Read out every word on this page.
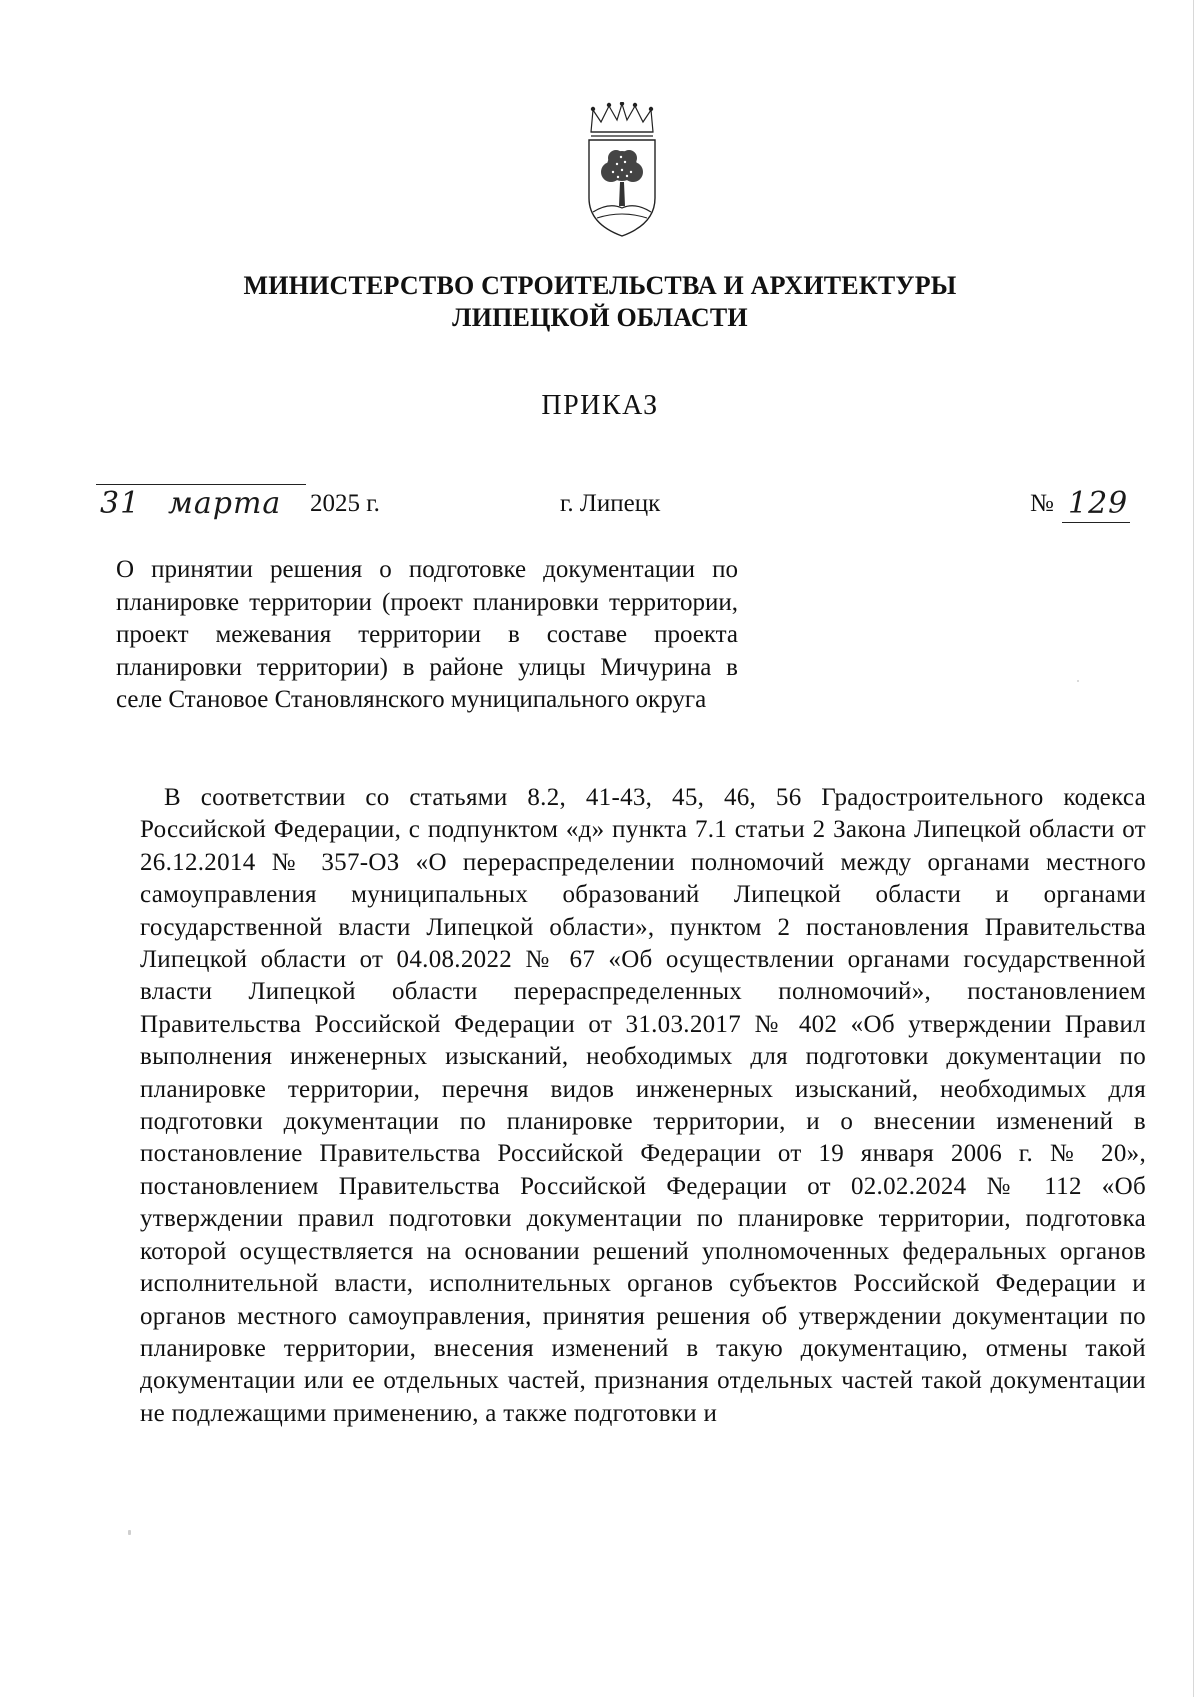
МИНИСТЕРСТВО СТРОИТЕЛЬСТВА И АРХИТЕКТУРЫ
ЛИПЕЦКОЙ ОБЛАСТИ
ПРИКАЗ
31 марта 2025 г.	г. Липецк	№ 129
О принятии решения о подготовке документации по планировке территории (проект планировки территории, проект межевания территории в составе проекта планировки территории) в районе улицы Мичурина в селе Становое Становлянского муниципального округа
В соответствии со статьями 8.2, 41-43, 45, 46, 56 Градостроительного кодекса Российской Федерации, с подпунктом «д» пункта 7.1 статьи 2 Закона Липецкой области от 26.12.2014 № 357-ОЗ «О перераспределении полномочий между органами местного самоуправления муниципальных образований Липецкой области и органами государственной власти Липецкой области», пунктом 2 постановления Правительства Липецкой области от 04.08.2022 № 67 «Об осуществлении органами государственной власти Липецкой области перераспределенных полномочий», постановлением Правительства Российской Федерации от 31.03.2017 № 402 «Об утверждении Правил выполнения инженерных изысканий, необходимых для подготовки документации по планировке территории, перечня видов инженерных изысканий, необходимых для подготовки документации по планировке территории, и о внесении изменений в постановление Правительства Российской Федерации от 19 января 2006 г. № 20», постановлением Правительства Российской Федерации от 02.02.2024 № 112 «Об утверждении правил подготовки документации по планировке территории, подготовка которой осуществляется на основании решений уполномоченных федеральных органов исполнительной власти, исполнительных органов субъектов Российской Федерации и органов местного самоуправления, принятия решения об утверждении документации по планировке территории, внесения изменений в такую документацию, отмены такой документации или ее отдельных частей, признания отдельных частей такой документации не подлежащими применению, а также подготовки и
